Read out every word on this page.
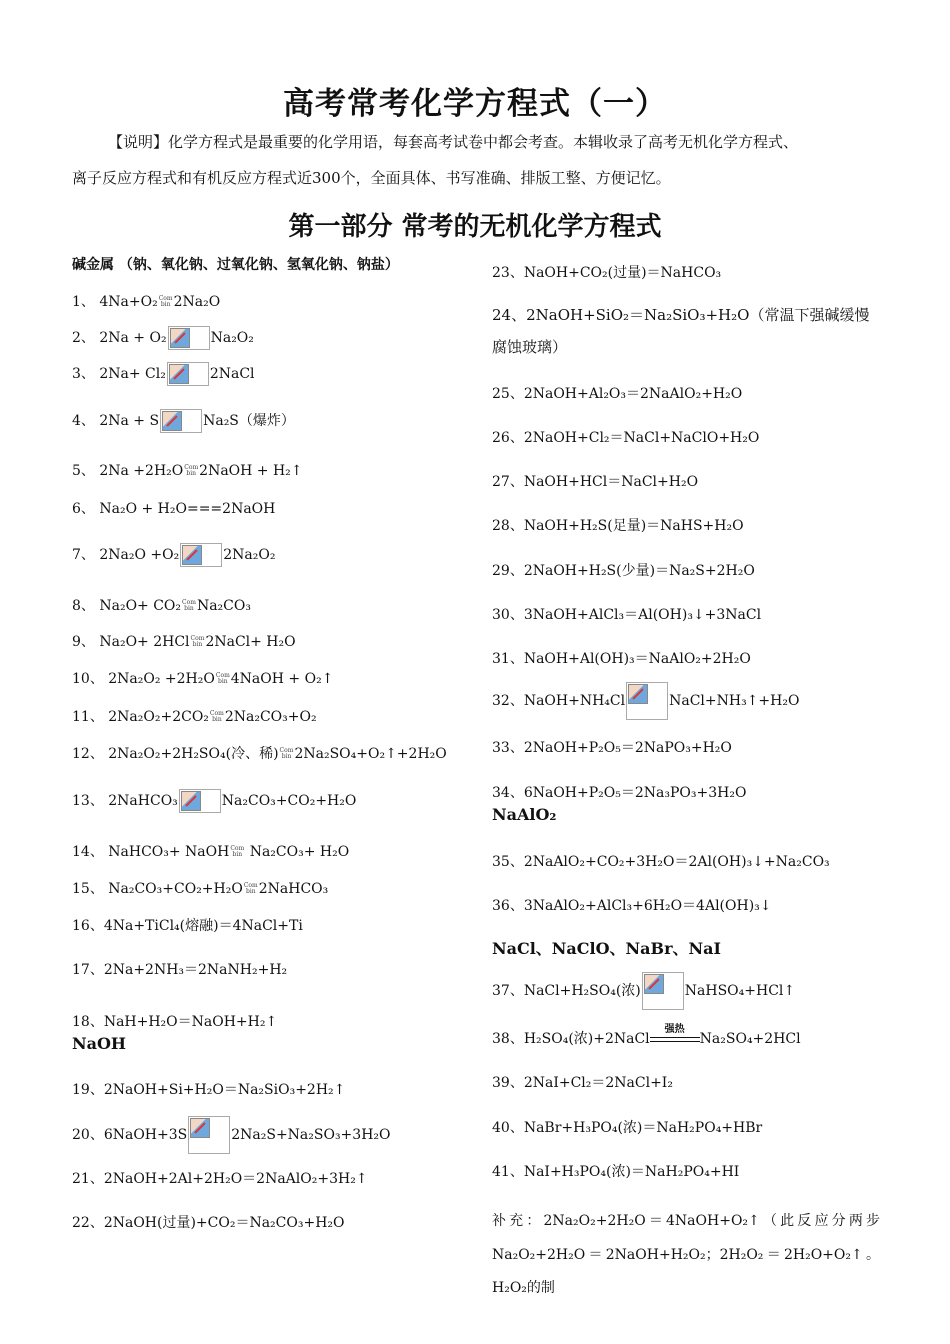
高考常考化学方程式（一）
【说明】化学方程式是最重要的化学用语，每套高考试卷中都会考查。本辑收录了高考无机化学方程式、
离子反应方程式和有机反应方程式近300个，全面具体、书写准确、排版工整、方便记忆。
第一部分 常考的无机化学方程式
碱金属 （钠、氧化钠、过氧化钠、氢氧化钠、钠盐）
1、 4Na+O₂Com
bin 2Na₂O
2、 2Na + O₂	Na₂O₂
3、 2Na+ Cl₂	2NaCl
4、 2Na + S	Na₂S（爆炸）
5、 2Na +2H₂OCom
bin 2NaOH + H₂↑
6、 Na₂O + H₂O===2NaOH
7、 2Na₂O +O₂	2Na₂O₂
8、 Na₂O+ CO₂Com
bin Na₂CO₃
9、 Na₂O+ 2HClCom
bin 2NaCl+ H₂O
10、 2Na₂O₂ +2H₂OCom
bin 4NaOH + O₂↑
11、 2Na₂O₂+2CO₂Com
bin 2Na₂CO₃+O₂
12、 2Na₂O₂+2H₂SO₄(冷、稀)Com
bin 2Na₂SO₄+O₂↑+2H₂O
13、 2NaHCO₃	Na₂CO₃+CO₂+H₂O
14、 NaHCO₃+ NaOHCom
bin Na₂CO₃+ H₂O
15、 Na₂CO₃+CO₂+H₂OCom
bin 2NaHCO₃
16、4Na+TiCl₄(熔融)＝4NaCl+Ti
17、2Na+2NH₃＝2NaNH₂+H₂
18、NaH+H₂O＝NaOH+H₂↑
NaOH
19、2NaOH+Si+H₂O＝Na₂SiO₃+2H₂↑
20、6NaOH+3S	2Na₂S+Na₂SO₃+3H₂O
21、2NaOH+2Al+2H₂O＝2NaAlO₂+3H₂↑
22、2NaOH(过量)+CO₂＝Na₂CO₃+H₂O
23、NaOH+CO₂(过量)＝NaHCO₃
24、2NaOH+SiO₂＝Na₂SiO₃+H₂O（常温下强碱缓慢腐蚀玻璃）
25、2NaOH+Al₂O₃＝2NaAlO₂+H₂O
26、2NaOH+Cl₂＝NaCl+NaClO+H₂O
27、NaOH+HCl＝NaCl+H₂O
28、NaOH+H₂S(足量)＝NaHS+H₂O
29、2NaOH+H₂S(少量)＝Na₂S+2H₂O
30、3NaOH+AlCl₃＝Al(OH)₃↓+3NaCl
31、NaOH+Al(OH)₃＝NaAlO₂+2H₂O
32、NaOH+NH₄Cl	NaCl+NH₃↑+H₂O
33、2NaOH+P₂O₅＝2NaPO₃+H₂O
34、6NaOH+P₂O₅＝2Na₃PO₃+3H₂O
NaAlO₂
35、2NaAlO₂+CO₂+3H₂O＝2Al(OH)₃↓+Na₂CO₃
36、3NaAlO₂+AlCl₃+6H₂O＝4Al(OH)₃↓
NaCl、NaClO、NaBr、NaI
37、NaCl+H₂SO₄(浓)	NaHSO₄+HCl↑
38、H₂SO₄(浓)+2NaCl
强热
Na₂SO₄+2HCl
39、2NaI+Cl₂＝2NaCl+I₂
40、NaBr+H₃PO₄(浓)＝NaH₂PO₄+HBr
41、NaI+H₃PO₄(浓)＝NaH₂PO₄+HI
补充：2Na₂O₂+2H₂O＝4NaOH+O₂↑（此反应分两步Na₂O₂+2H₂O＝2NaOH+H₂O₂；2H₂O₂＝2H₂O+O₂↑。H₂O₂的制
